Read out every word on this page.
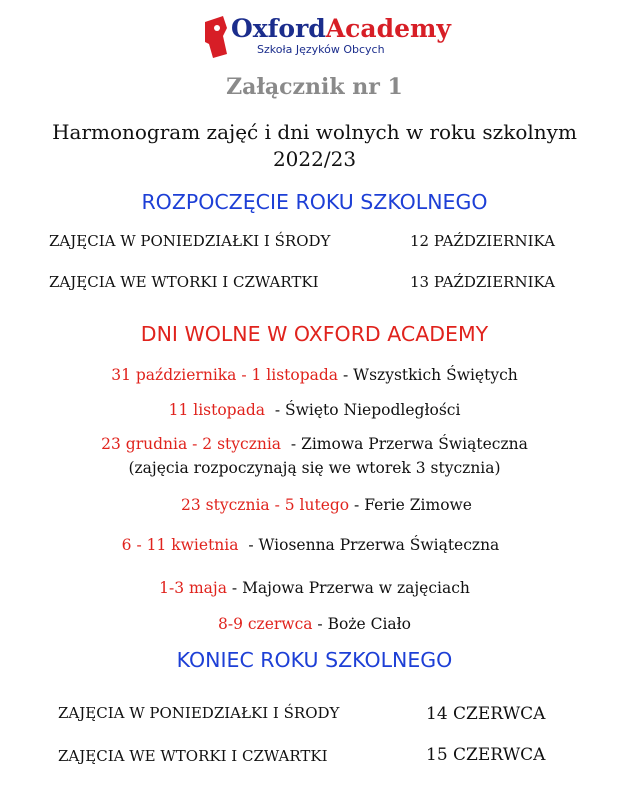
OxfordAcademy
Szkoła Języków Obcych
Załącznik nr 1
Harmonogram zajęć i dni wolnych w roku szkolnym
2022/23
ROZPOCZĘCIE ROKU SZKOLNEGO
ZAJĘCIA W PONIEDZIAŁKI I ŚRODY	12 PAŹDZIERNIKA
ZAJĘCIA WE WTORKI I CZWARTKI	13 PAŹDZIERNIKA
DNI WOLNE W OXFORD ACADEMY
31 października - 1 listopada - Wszystkich Świętych
11 listopada  - Święto Niepodległości
23 grudnia - 2 stycznia  - Zimowa Przerwa Świąteczna
(zajęcia rozpoczynają się we wtorek 3 stycznia)
23 stycznia - 5 lutego - Ferie Zimowe
6 - 11 kwietnia  - Wiosenna Przerwa Świąteczna
1-3 maja - Majowa Przerwa w zajęciach
8-9 czerwca - Boże Ciało
KONIEC ROKU SZKOLNEGO
ZAJĘCIA W PONIEDZIAŁKI I ŚRODY	14 CZERWCA
ZAJĘCIA WE WTORKI I CZWARTKI	15 CZERWCA
